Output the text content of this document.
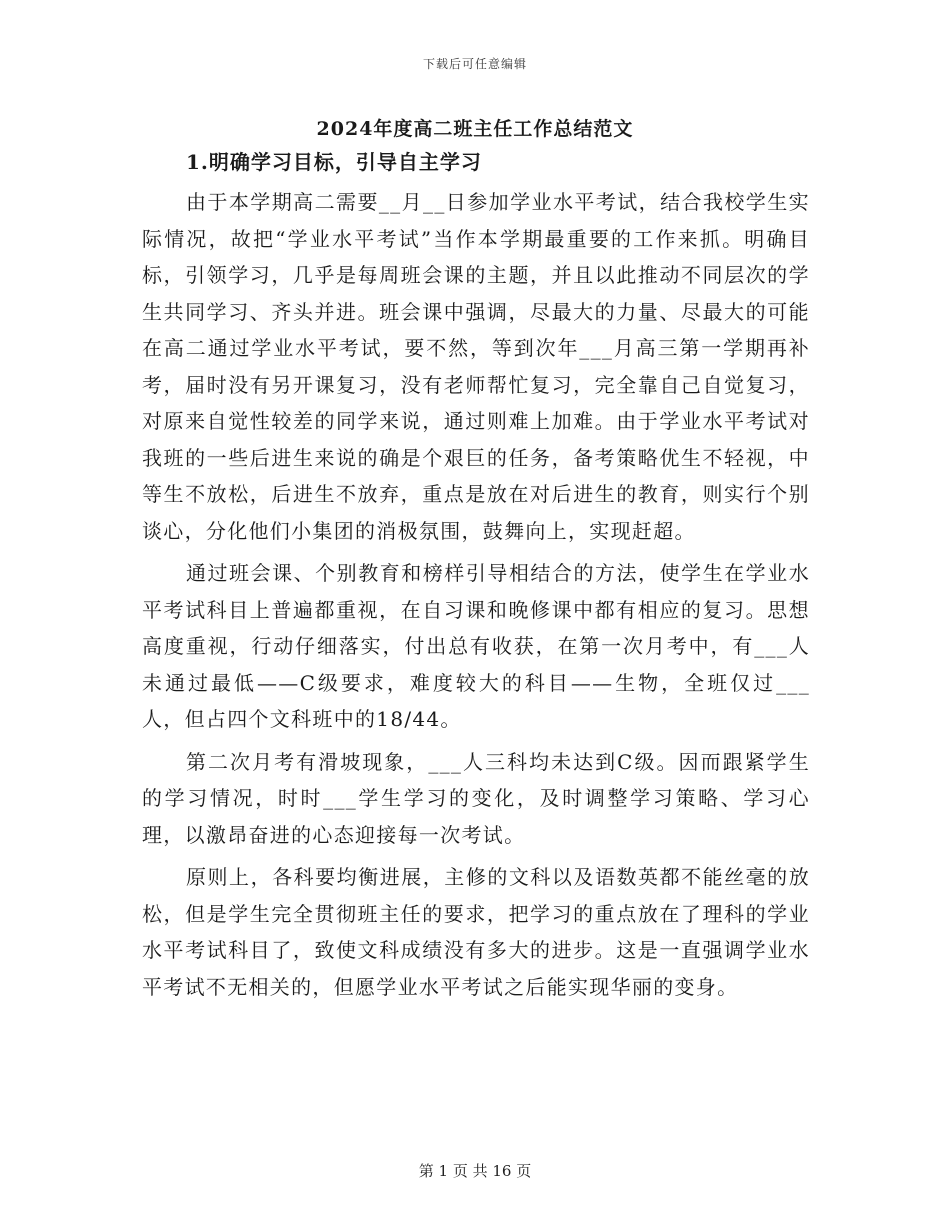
下载后可任意编辑
2024年度高二班主任工作总结范文
1.明确学习目标，引导自主学习

由于本学期高二需要__月__日参加学业水平考试，结合我校学生实际情况，故把“学业水平考试”当作本学期最重要的工作来抓。明确目标，引领学习，几乎是每周班会课的主题，并且以此推动不同层次的学生共同学习、齐头并进。班会课中强调，尽最大的力量、尽最大的可能在高二通过学业水平考试，要不然，等到次年___月高三第一学期再补考，届时没有另开课复习，没有老师帮忙复习，完全靠自己自觉复习，对原来自觉性较差的同学来说，通过则难上加难。由于学业水平考试对我班的一些后进生来说的确是个艰巨的任务，备考策略优生不轻视，中等生不放松，后进生不放弃，重点是放在对后进生的教育，则实行个别谈心，分化他们小集团的消极氛围，鼓舞向上，实现赶超。

通过班会课、个别教育和榜样引导相结合的方法，使学生在学业水平考试科目上普遍都重视，在自习课和晚修课中都有相应的复习。思想高度重视，行动仔细落实，付出总有收获，在第一次月考中，有___人未通过最低——C级要求，难度较大的科目——生物，全班仅过___人，但占四个文科班中的18/44。

第二次月考有滑坡现象，___人三科均未达到C级。因而跟紧学生的学习情况，时时___学生学习的变化，及时调整学习策略、学习心理，以激昂奋进的心态迎接每一次考试。

原则上，各科要均衡进展，主修的文科以及语数英都不能丝毫的放松，但是学生完全贯彻班主任的要求，把学习的重点放在了理科的学业水平考试科目了，致使文科成绩没有多大的进步。这是一直强调学业水平考试不无相关的，但愿学业水平考试之后能实现华丽的变身。

第 1 页 共 16 页
